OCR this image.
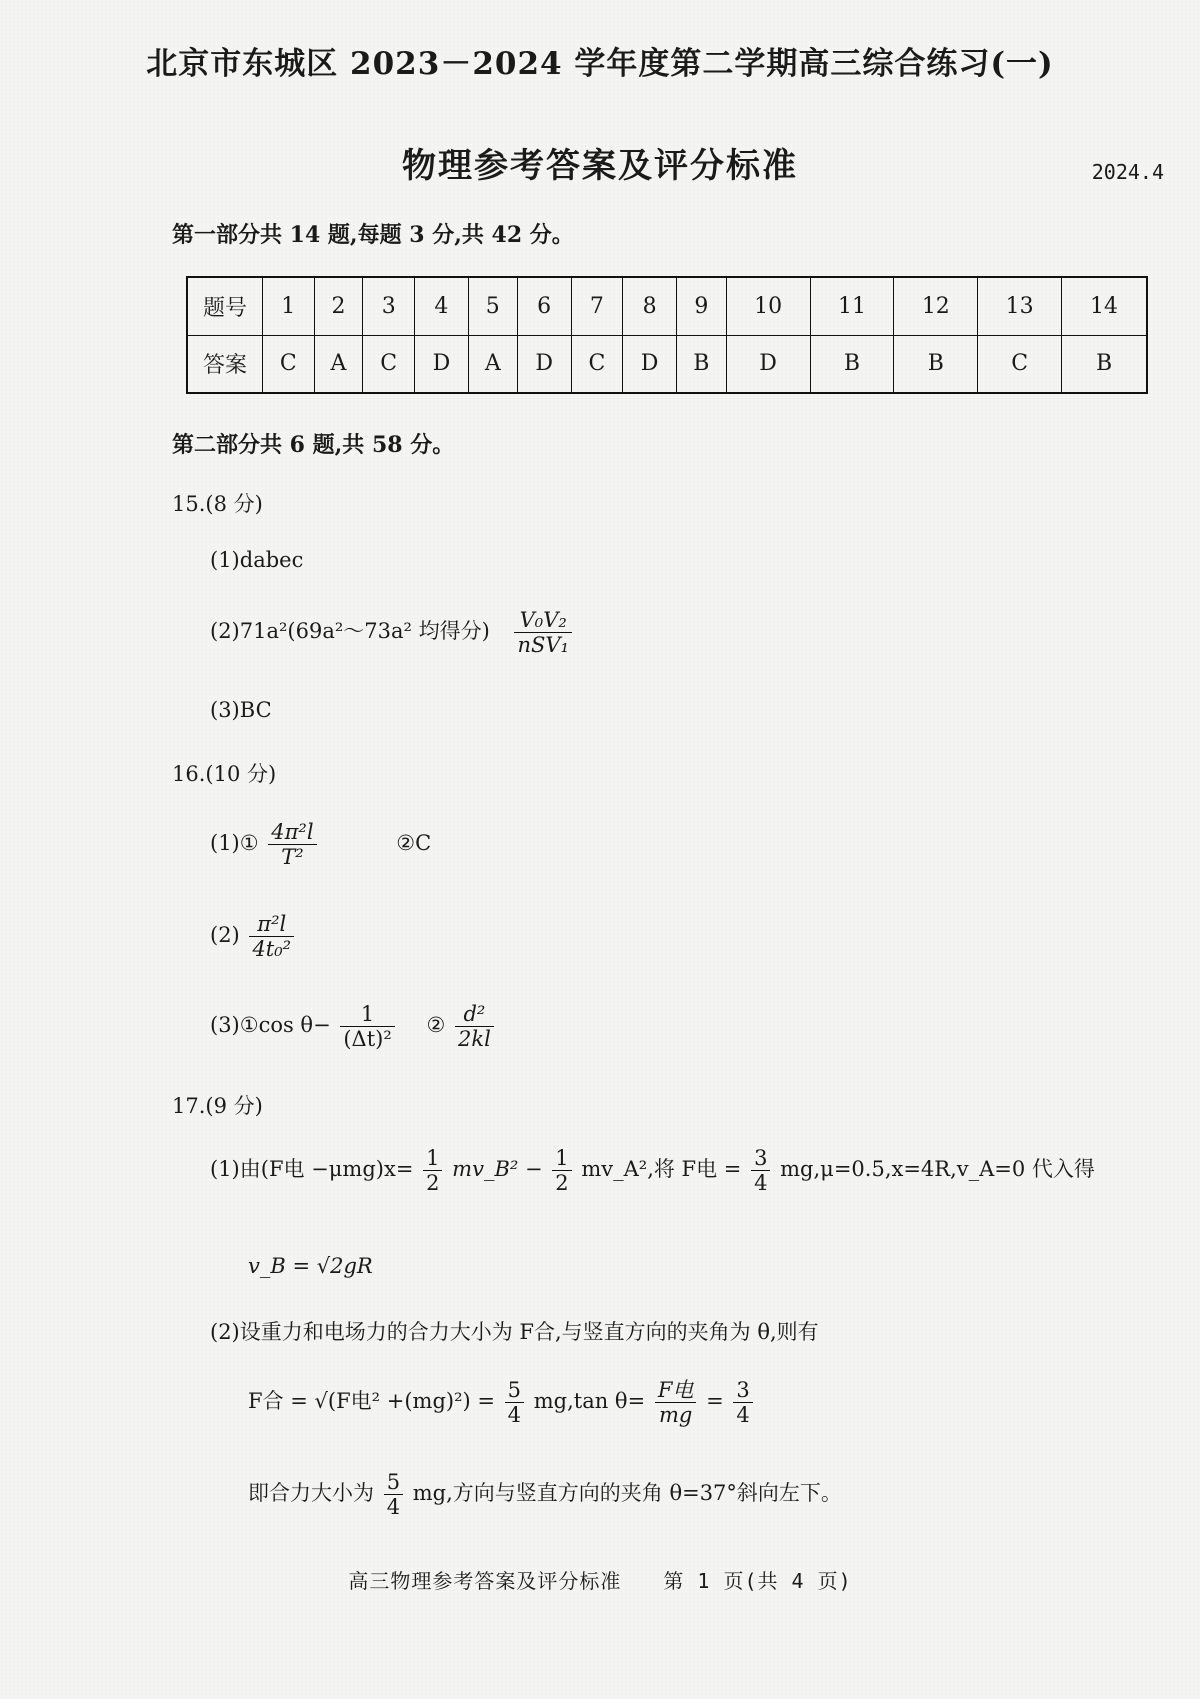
北京市东城区 2023－2024 学年度第二学期高三综合练习(一)
物理参考答案及评分标准	2024.4
第一部分共 14 题,每题 3 分,共 42 分。
题号	1	2	3	4	5	6	7	8	9	10	11	12	13	14
答案	C	A	C	D	A	D	C	D	B	D	B	B	C	B
第二部分共 6 题,共 58 分。
15.(8 分)
(1)dabec
(2)71a²(69a²～73a² 均得分) $\frac{\text{V₀V₂}}{\text{nSV₁}}$
(3)BC
16.(10 分)
(1)① $\frac{\text{4π²l}}{\text{T²}}$	②C
$(2) \frac{\text{π²l}}{\text{4t₀²}}$
(3)①cos $\theta- \frac{1}{\text{(Δt)²}}$ ② $\frac{\text{d²}}{2kl}$
17.(9 分)
(1)由(F电 $-\mu mg)x= \frac{1}{2}$ mv_B² − $\frac{1}{2}$ mv_A²,将 F电 = $\frac{3}{4}$ mg,μ=0.5,x=4R,v_A=0 代入得
v_B = √2gR
(2)设重力和电场力的合力大小为 F合,与竖直方向的夹角为 θ,则有
F合 = √(F电$^2 +(mg)^2) = \frac{5}{4} mg,\tan$ $\theta= \frac{\text{F电}}{mg} = \frac{3}{4}$
即合力大小为 $\frac{5}{4}$ mg,方向与竖直方向的夹角 θ=37°斜向左下。
高三物理参考答案及评分标准　　第 1 页(共 4 页)
